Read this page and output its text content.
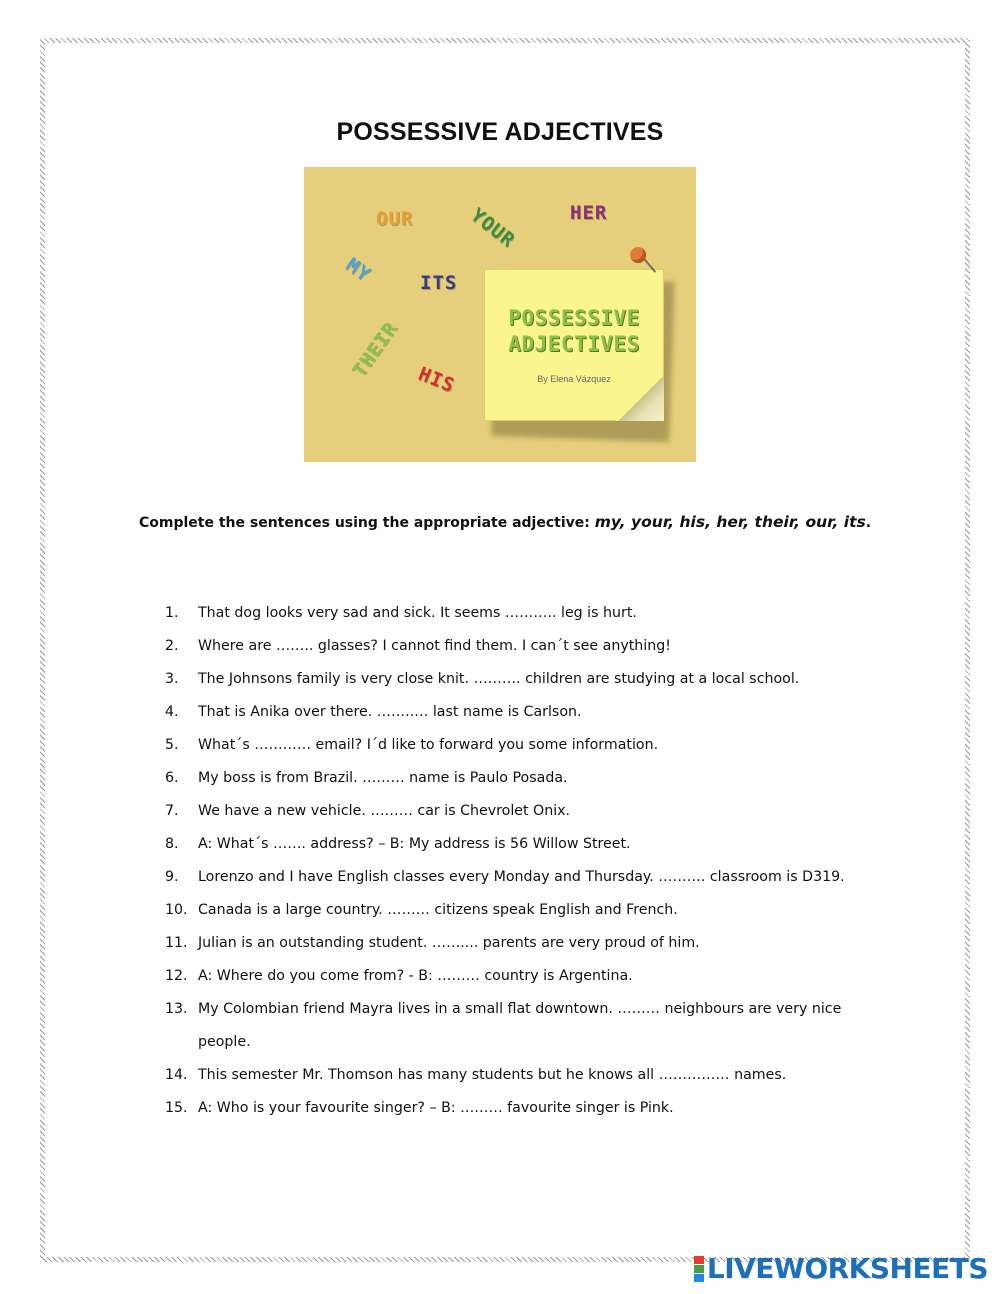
POSSESSIVE ADJECTIVES
OUR	YOUR	HER
MY ITS
THEIR HIS
POSSESSIVE
ADJECTIVES
By Elena Vázquez
Complete the sentences using the appropriate adjective: my, your, his, her, their, our, its.
1.	That dog looks very sad and sick. It seems ……….. leg is hurt.
2.	Where are …….. glasses? I cannot find them. I can´t see anything!
3.	The Johnsons family is very close knit. ………. children are studying at a local school.
4.	That is Anika over there. ……..… last name is Carlson.
5.	What´s ………… email? I´d like to forward you some information.
6.	My boss is from Brazil. ……… name is Paulo Posada.
7.	We have a new vehicle. ……… car is Chevrolet Onix.
8.	A: What´s ……. address? – B: My address is 56 Willow Street.
9.	Lorenzo and I have English classes every Monday and Thursday. ………. classroom is D319.
10. Canada is a large country. ……… citizens speak English and French.
11. Julian is an outstanding student. …….... parents are very proud of him.
12. A: Where do you come from? - B: ……… country is Argentina.
13. My Colombian friend Mayra lives in a small flat downtown. ……… neighbours are very nice people.
14. This semester Mr. Thomson has many students but he knows all …………… names.
15. A: Who is your favourite singer? – B: ……… favourite singer is Pink.
LIVEWORKSHEETS
